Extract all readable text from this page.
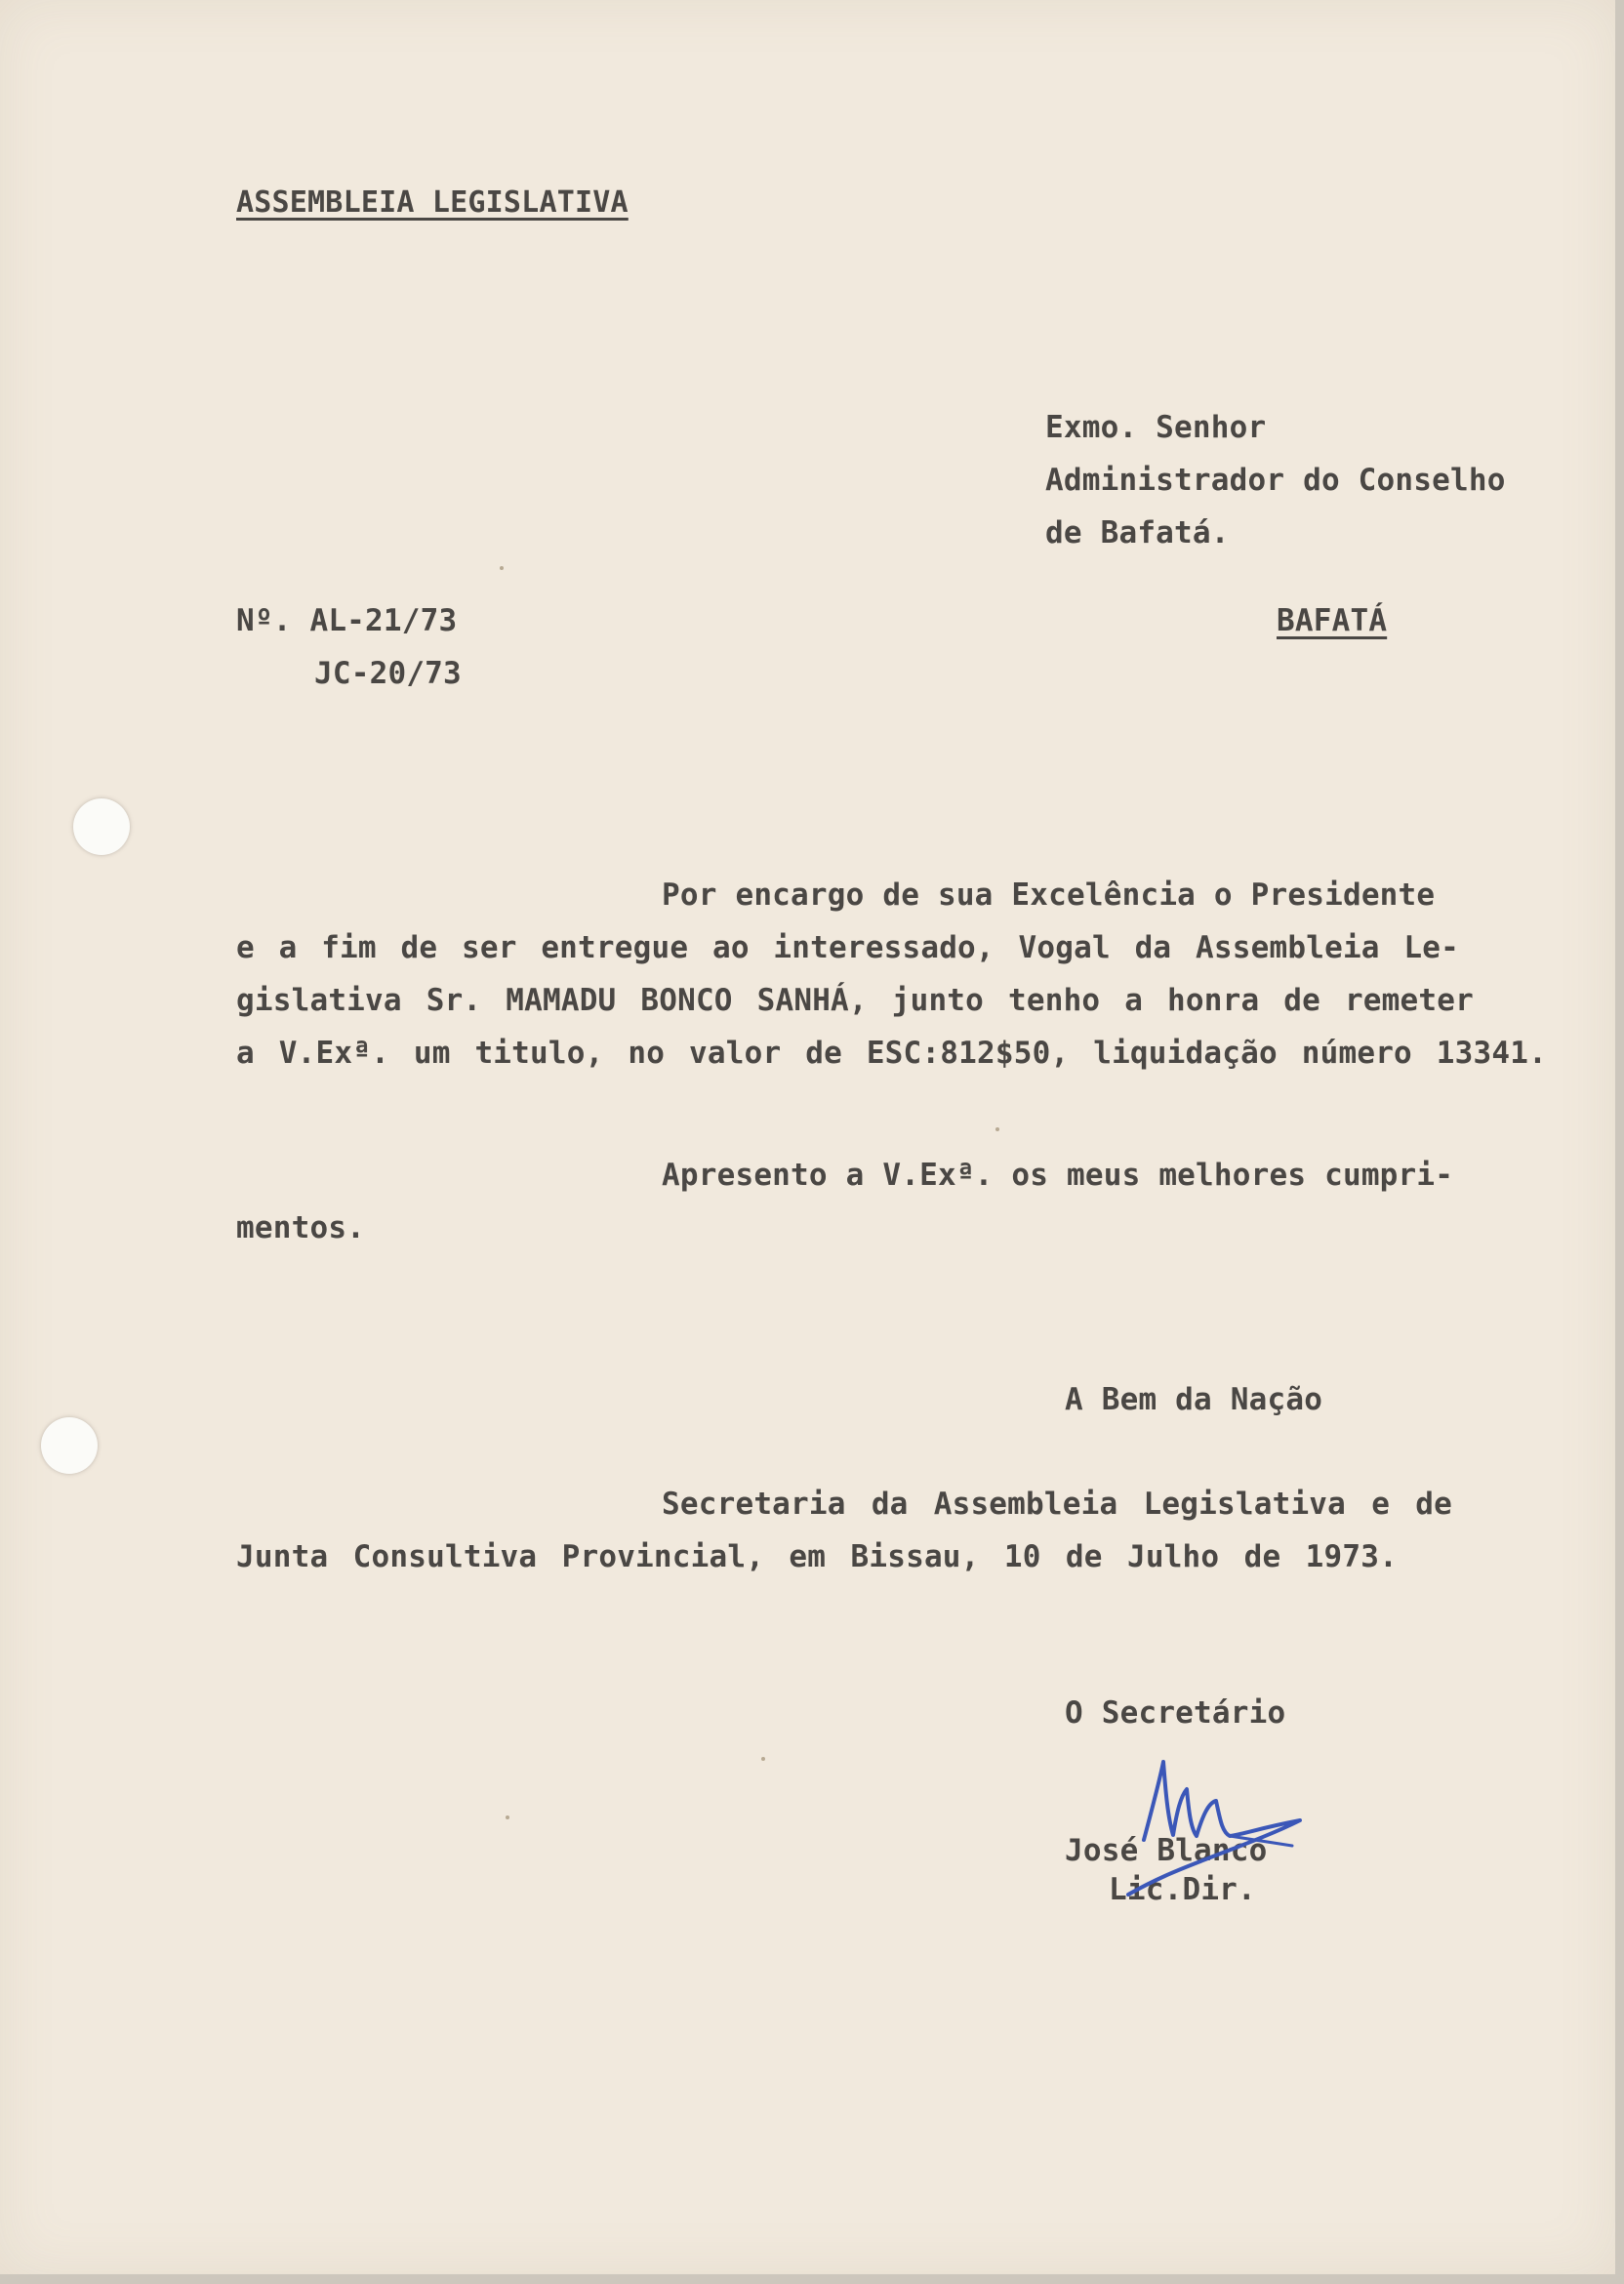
ASSEMBLEIA LEGISLATIVA

Exmo. Senhor

Administrador do Conselho

de Bafatá.

Nº. AL-21/73

JC-20/73

BAFATÁ

Por encargo de sua Excelência o Presidente

e a fim de ser entregue ao interessado, Vogal da Assembleia Le-

gislativa Sr. MAMADU BONCO SANHÁ, junto tenho a honra de remeter

a V.Exª. um titulo, no valor de ESC:812$50, liquidação número 13341.

Apresento a V.Exª. os meus melhores cumpri-

mentos.

A Bem da Nação

Secretaria da Assembleia Legislativa e de

Junta Consultiva Provincial, em Bissau, 10 de Julho de 1973.

O Secretário

José Blanco

Lic.Dir.
